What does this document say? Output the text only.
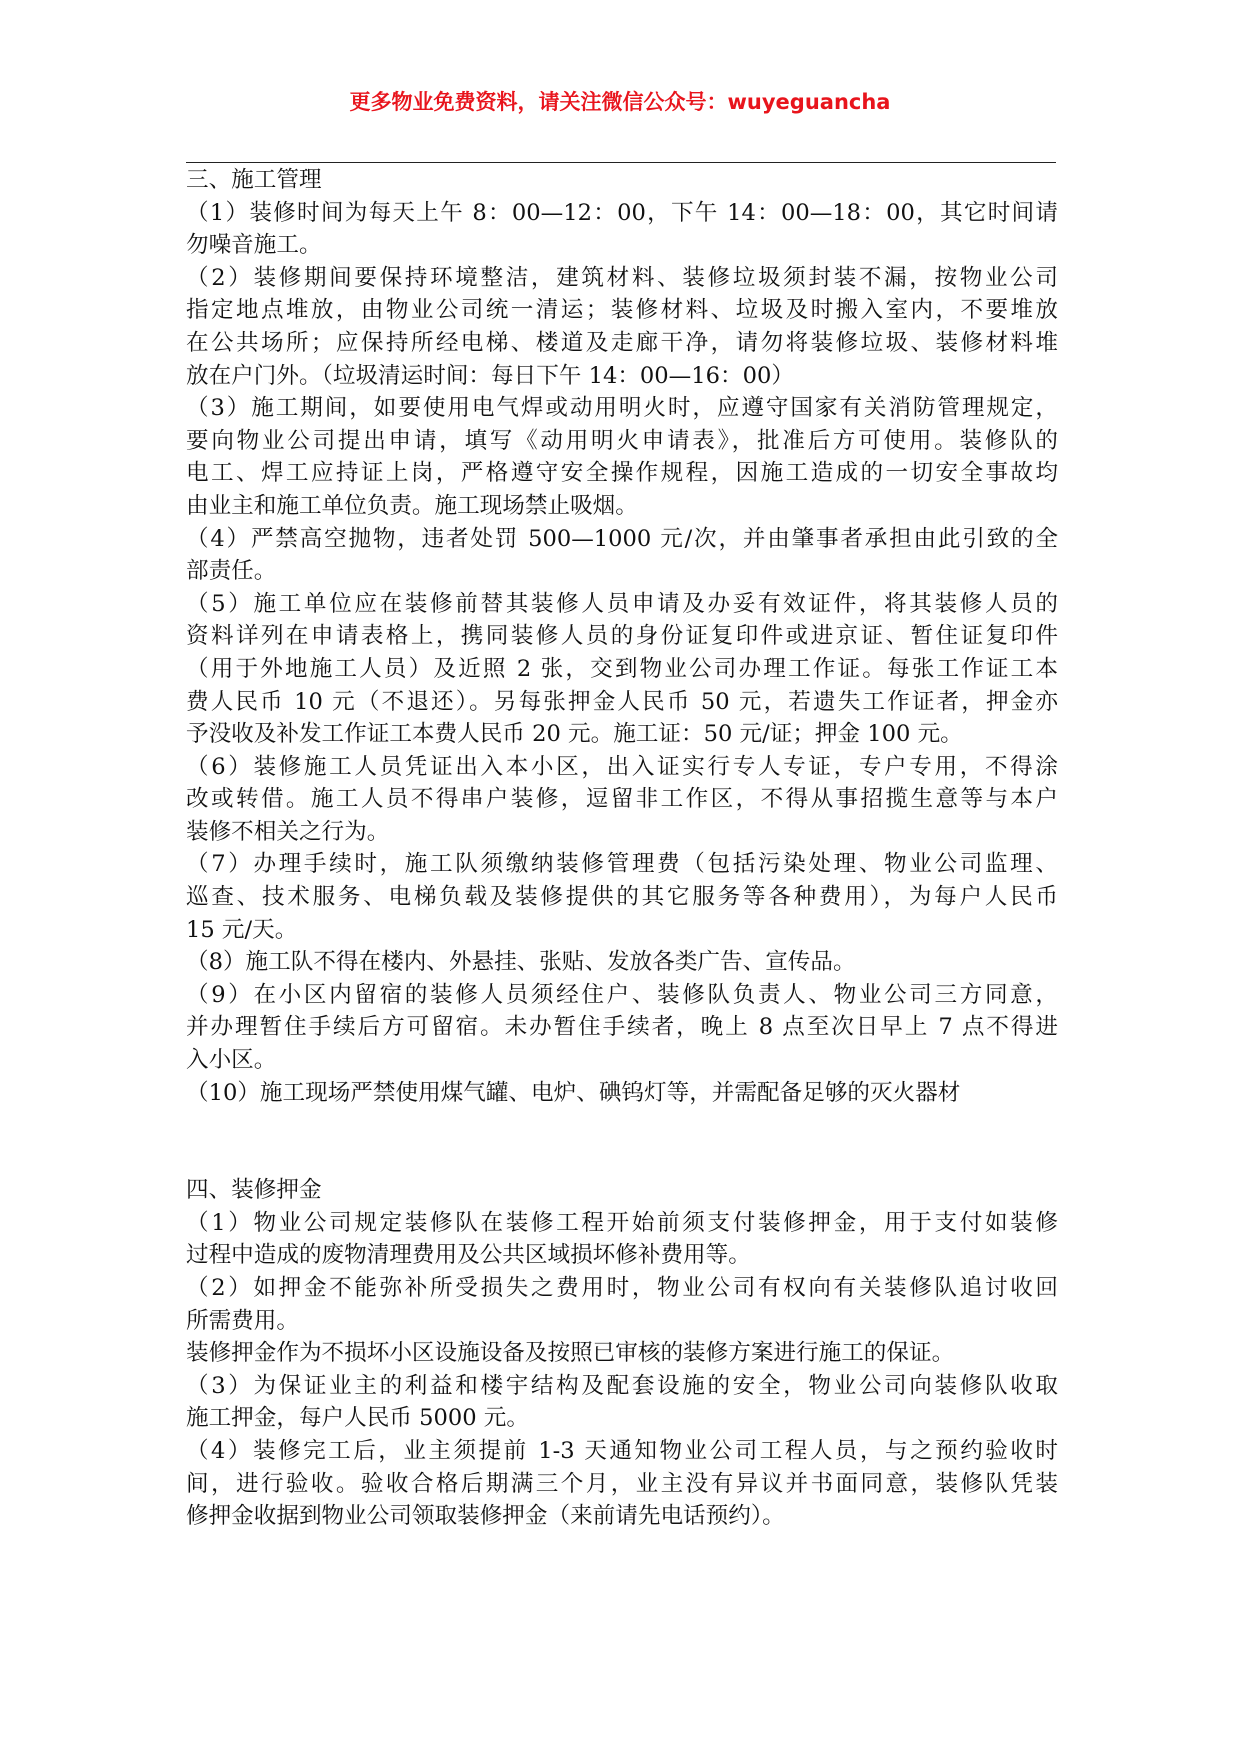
更多物业免费资料，请关注微信公众号：wuyeguancha
三、施工管理
（1）装修时间为每天上午 8：00—12：00，下午 14：00—18：00，其它时间请
勿噪音施工。
（2）装修期间要保持环境整洁，建筑材料、装修垃圾须封装不漏，按物业公司
指定地点堆放，由物业公司统一清运；装修材料、垃圾及时搬入室内，不要堆放
在公共场所；应保持所经电梯、楼道及走廊干净，请勿将装修垃圾、装修材料堆
放在户门外。（垃圾清运时间：每日下午 14：00—16：00）
（3）施工期间，如要使用电气焊或动用明火时，应遵守国家有关消防管理规定，
要向物业公司提出申请，填写《动用明火申请表》，批准后方可使用。装修队的
电工、焊工应持证上岗，严格遵守安全操作规程，因施工造成的一切安全事故均
由业主和施工单位负责。施工现场禁止吸烟。
（4）严禁高空抛物，违者处罚 500—1000 元/次，并由肇事者承担由此引致的全
部责任。
（5）施工单位应在装修前替其装修人员申请及办妥有效证件，将其装修人员的
资料详列在申请表格上，携同装修人员的身份证复印件或进京证、暂住证复印件
（用于外地施工人员）及近照 2 张，交到物业公司办理工作证。每张工作证工本
费人民币 10 元（不退还）。另每张押金人民币 50 元，若遗失工作证者，押金亦
予没收及补发工作证工本费人民币 20 元。施工证：50 元/证；押金 100 元。
（6）装修施工人员凭证出入本小区，出入证实行专人专证，专户专用，不得涂
改或转借。施工人员不得串户装修，逗留非工作区，不得从事招揽生意等与本户
装修不相关之行为。
（7）办理手续时，施工队须缴纳装修管理费（包括污染处理、物业公司监理、
巡查、技术服务、电梯负载及装修提供的其它服务等各种费用），为每户人民币
15 元/天。
（8）施工队不得在楼内、外悬挂、张贴、发放各类广告、宣传品。
（9）在小区内留宿的装修人员须经住户、装修队负责人、物业公司三方同意，
并办理暂住手续后方可留宿。未办暂住手续者，晚上 8 点至次日早上 7 点不得进
入小区。
（10）施工现场严禁使用煤气罐、电炉、碘钨灯等，并需配备足够的灭火器材
四、装修押金
（1）物业公司规定装修队在装修工程开始前须支付装修押金，用于支付如装修
过程中造成的废物清理费用及公共区域损坏修补费用等。
（2）如押金不能弥补所受损失之费用时，物业公司有权向有关装修队追讨收回
所需费用。
装修押金作为不损坏小区设施设备及按照已审核的装修方案进行施工的保证。
（3）为保证业主的利益和楼宇结构及配套设施的安全，物业公司向装修队收取
施工押金，每户人民币 5000 元。
（4）装修完工后，业主须提前 1-3 天通知物业公司工程人员，与之预约验收时
间，进行验收。验收合格后期满三个月，业主没有异议并书面同意，装修队凭装
修押金收据到物业公司领取装修押金（来前请先电话预约）。
